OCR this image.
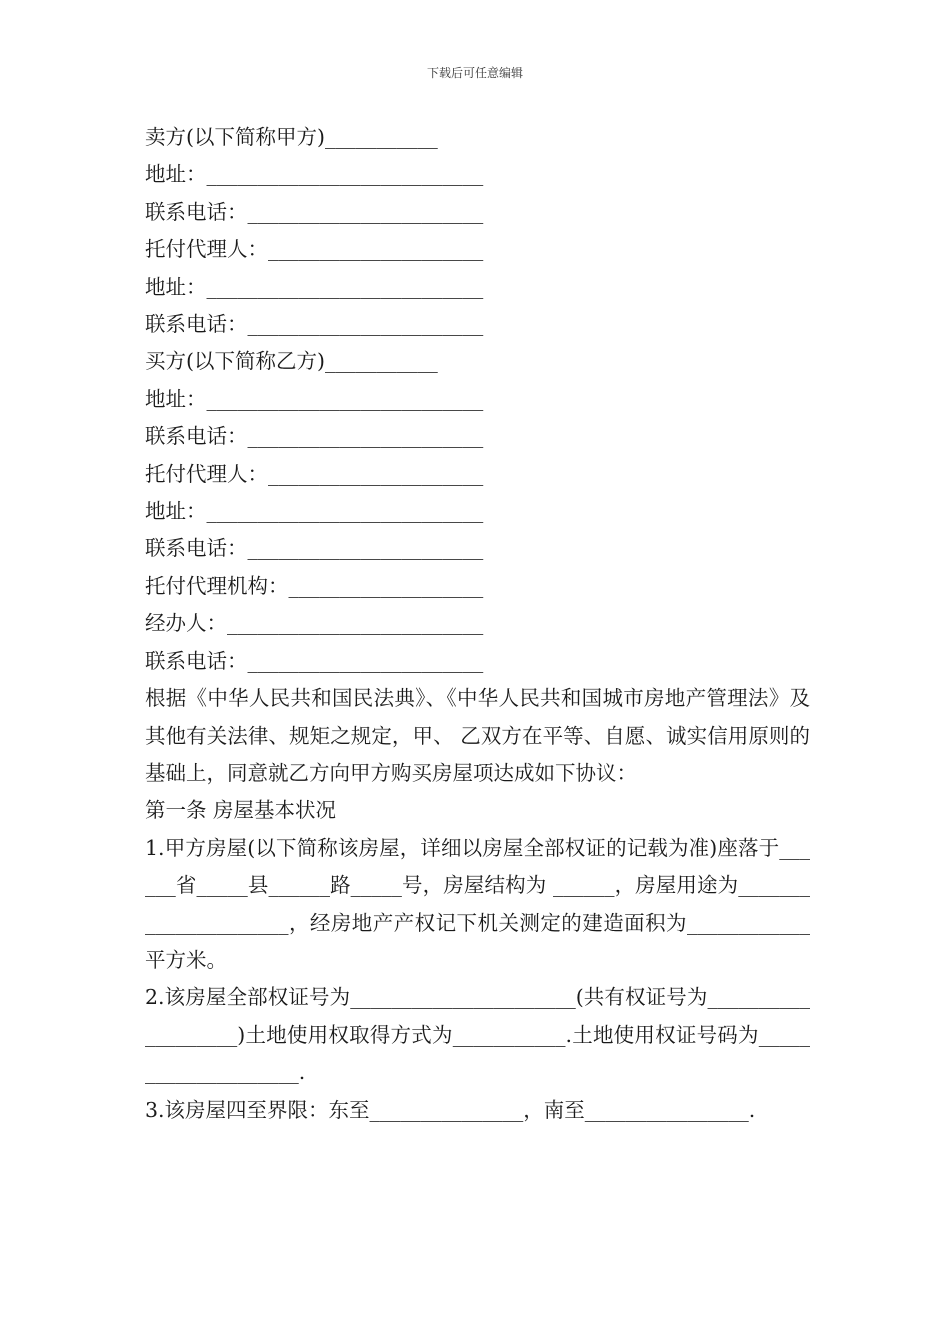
下载后可任意编辑
卖方(以下简称甲方)___________
地址：___________________________
联系电话：_______________________
托付代理人：_____________________
地址：___________________________
联系电话：_______________________
买方(以下简称乙方)___________
地址：___________________________
联系电话：_______________________
托付代理人：_____________________
地址：___________________________
联系电话：_______________________
托付代理机构：___________________
经办人：_________________________
联系电话：_______________________
根据《中华人民共和国民法典》、《中华人民共和国城市房地产管理法》及其他有关法律、规矩之规定，甲、 乙双方在平等、自愿、诚实信用原则的基础上，同意就乙方向甲方购买房屋项达成如下协议：
第一条 房屋基本状况
1.甲方房屋(以下简称该房屋，详细以房屋全部权证的记载为准)座落于______省_____县______路_____号，房屋结构为 ______，房屋用途为_____________________，经房地产产权记下机关测定的建造面积为____________平方米。
2.该房屋全部权证号为______________________(共有权证号为___________________)土地使用权取得方式为___________.土地使用权证号码为____________________.
3.该房屋四至界限：东至_______________，南至________________.
